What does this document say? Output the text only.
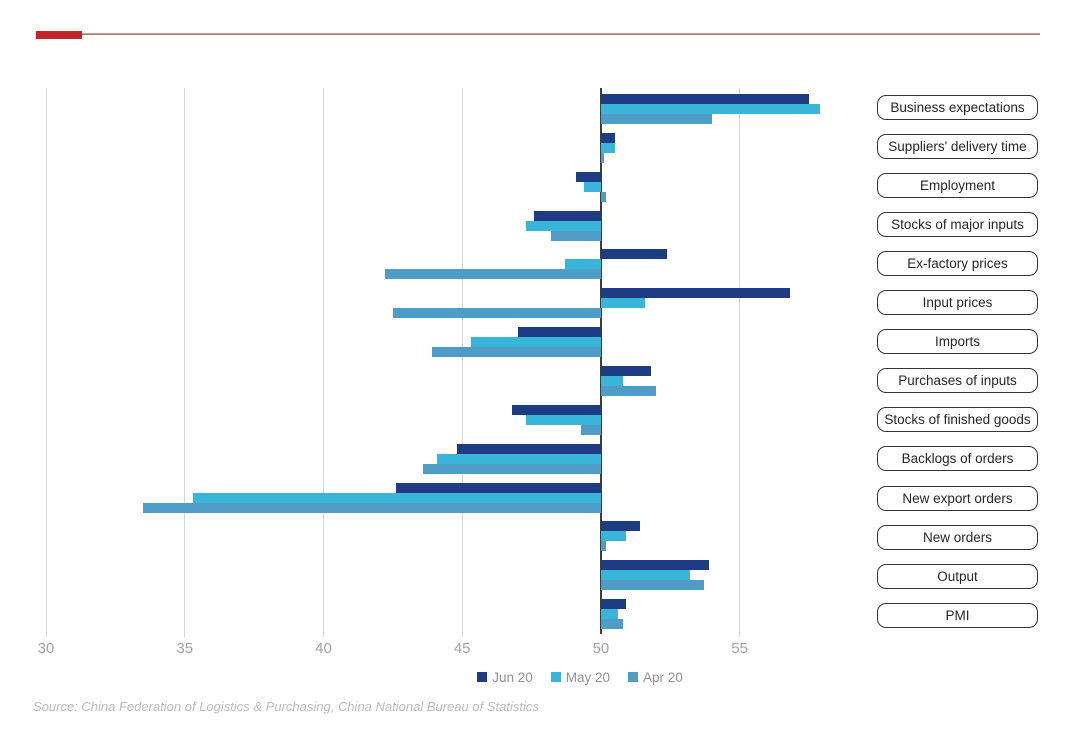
30	35	40	45	50	55
Business expectations
Suppliers' delivery time
Employment
Stocks of major inputs
Ex-factory prices
Input prices
Imports
Purchases of inputs
Stocks of finished goods
Backlogs of orders
New export orders
New orders
Output
PMI
Jun 20 May 20 Apr 20
Source: China Federation of Logistics & Purchasing, China National Bureau of Statistics
